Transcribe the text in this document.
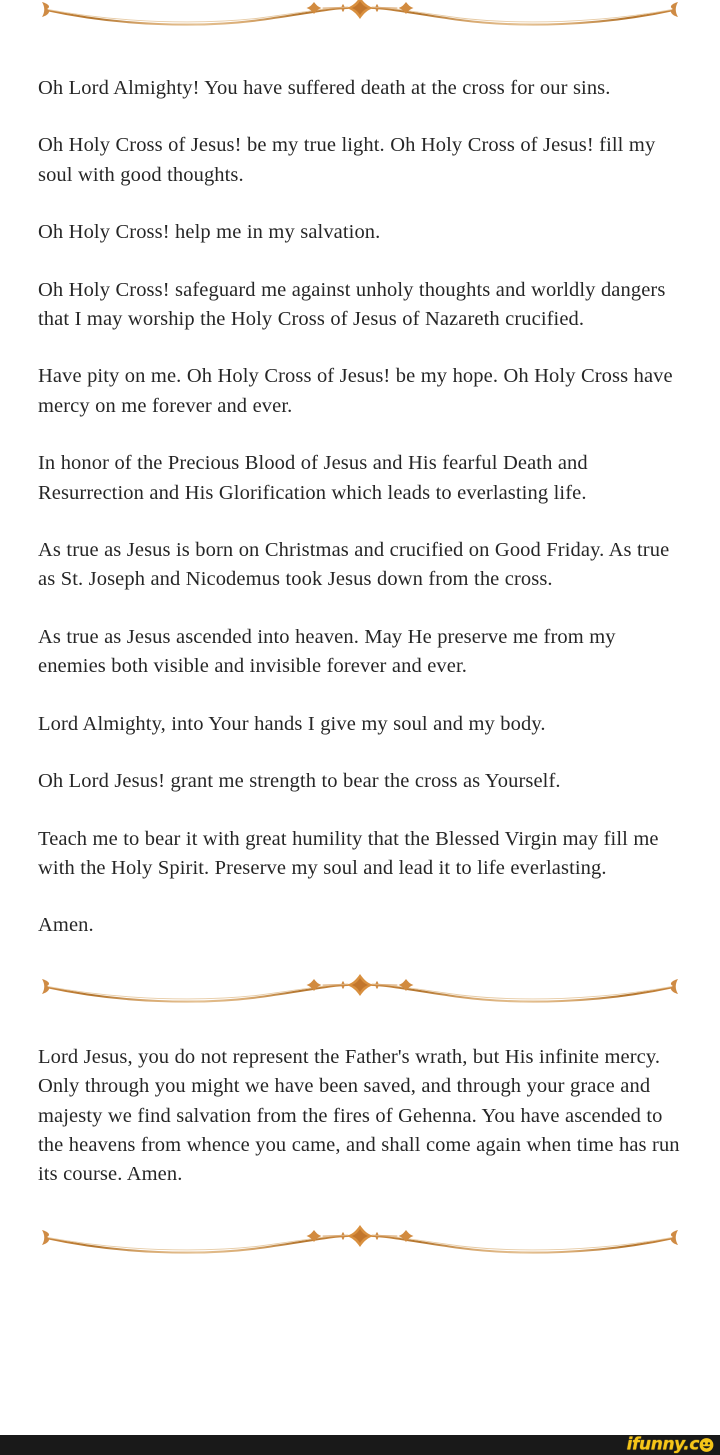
Oh Lord Almighty! You have suffered death at the cross for our sins.

Oh Holy Cross of Jesus! be my true light. Oh Holy Cross of Jesus! fill my soul with good thoughts.

Oh Holy Cross! help me in my salvation.

Oh Holy Cross! safeguard me against unholy thoughts and worldly dangers that I may worship the Holy Cross of Jesus of Nazareth crucified.

Have pity on me. Oh Holy Cross of Jesus! be my hope. Oh Holy Cross have mercy on me forever and ever.

In honor of the Precious Blood of Jesus and His fearful Death and Resurrection and His Glorification which leads to everlasting life.

As true as Jesus is born on Christmas and crucified on Good Friday. As true as St. Joseph and Nicodemus took Jesus down from the cross.

As true as Jesus ascended into heaven. May He preserve me from my enemies both visible and invisible forever and ever.

Lord Almighty, into Your hands I give my soul and my body.

Oh Lord Jesus! grant me strength to bear the cross as Yourself.

Teach me to bear it with great humility that the Blessed Virgin may fill me with the Holy Spirit. Preserve my soul and lead it to life everlasting.

Amen.

Lord Jesus, you do not represent the Father's wrath, but His infinite mercy. Only through you might we have been saved, and through your grace and majesty we find salvation from the fires of Gehenna. You have ascended to the heavens from whence you came, and shall come again when time has run its course. Amen.

ifunny.c
